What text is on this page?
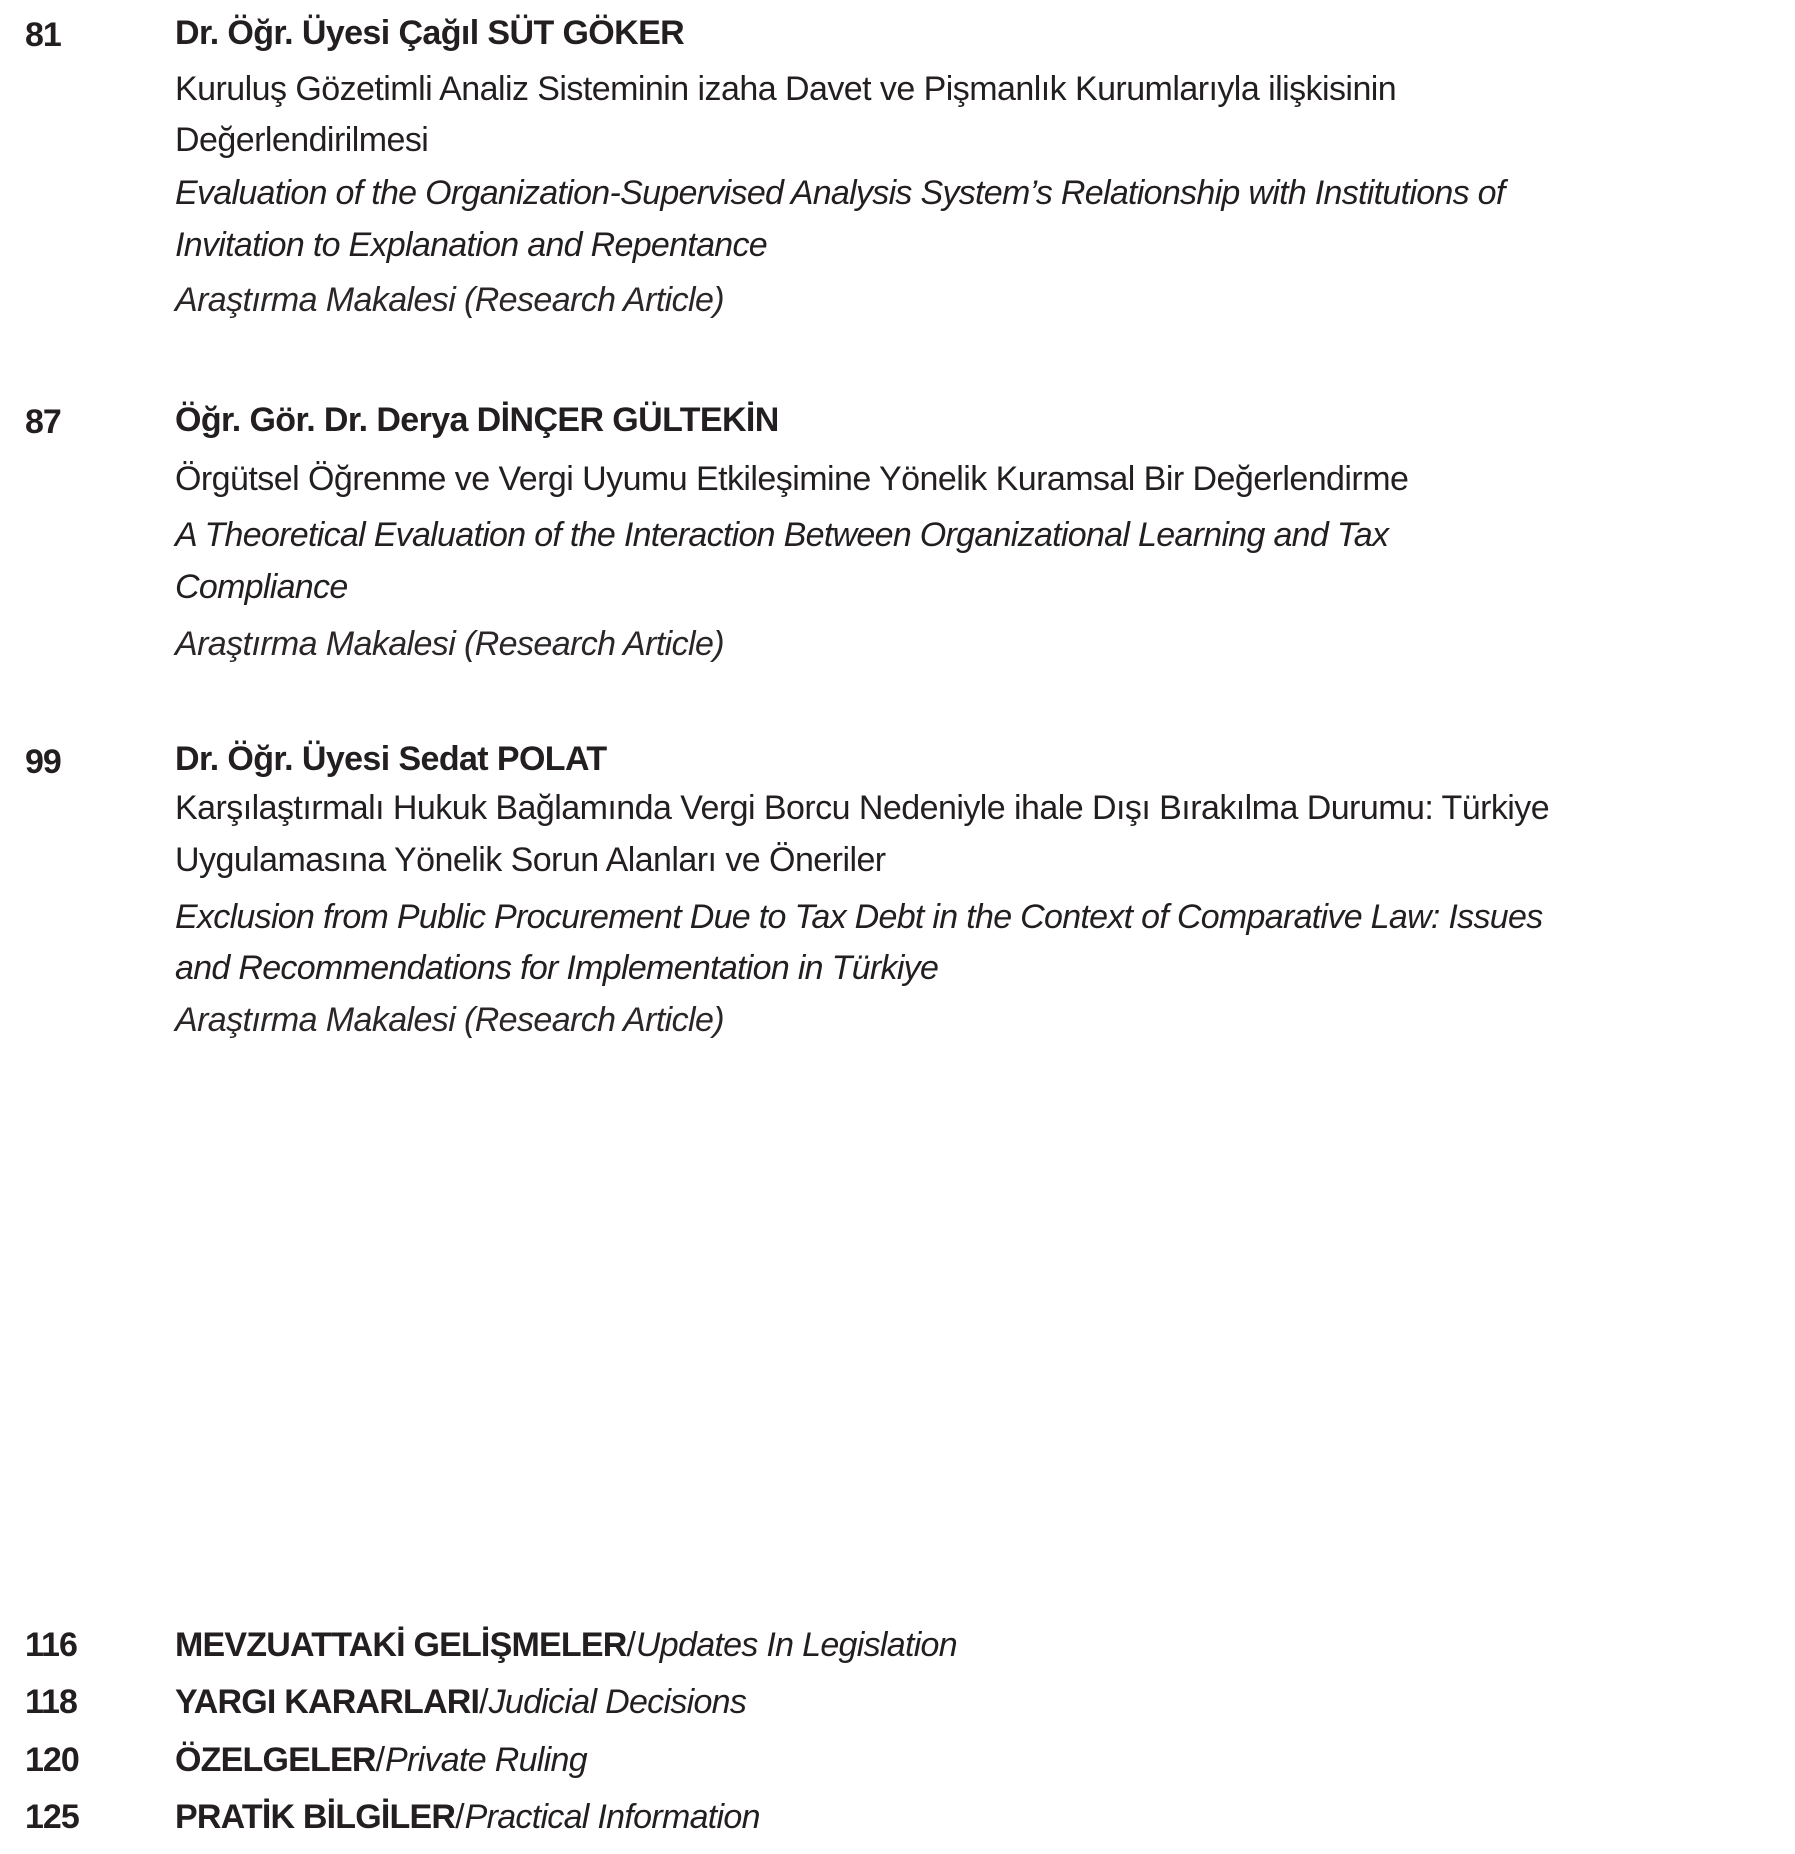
81	Dr. Öğr. Üyesi Çağıl SÜT GÖKER
Kuruluş Gözetimli Analiz Sisteminin izaha Davet ve Pişmanlık Kurumlarıyla ilişkisinin
Değerlendirilmesi
Evaluation of the Organization-Supervised Analysis System’s Relationship with Institutions of
Invitation to Explanation and Repentance
Araştırma Makalesi (Research Article)
87	Öğr. Gör. Dr. Derya DİNÇER GÜLTEKİN
Örgütsel Öğrenme ve Vergi Uyumu Etkileşimine Yönelik Kuramsal Bir Değerlendirme
A Theoretical Evaluation of the Interaction Between Organizational Learning and Tax
Compliance
Araştırma Makalesi (Research Article)
99	Dr. Öğr. Üyesi Sedat POLAT
Karşılaştırmalı Hukuk Bağlamında Vergi Borcu Nedeniyle ihale Dışı Bırakılma Durumu: Türkiye
Uygulamasına Yönelik Sorun Alanları ve Öneriler
Exclusion from Public Procurement Due to Tax Debt in the Context of Comparative Law: Issues
and Recommendations for Implementation in Türkiye
Araştırma Makalesi (Research Article)
116	MEVZUATTAKİ GELİŞMELER/Updates In Legislation
118	YARGI KARARLARI/Judicial Decisions
120	ÖZELGELER/Private Ruling
125	PRATİK BİLGİLER/Practical Information
